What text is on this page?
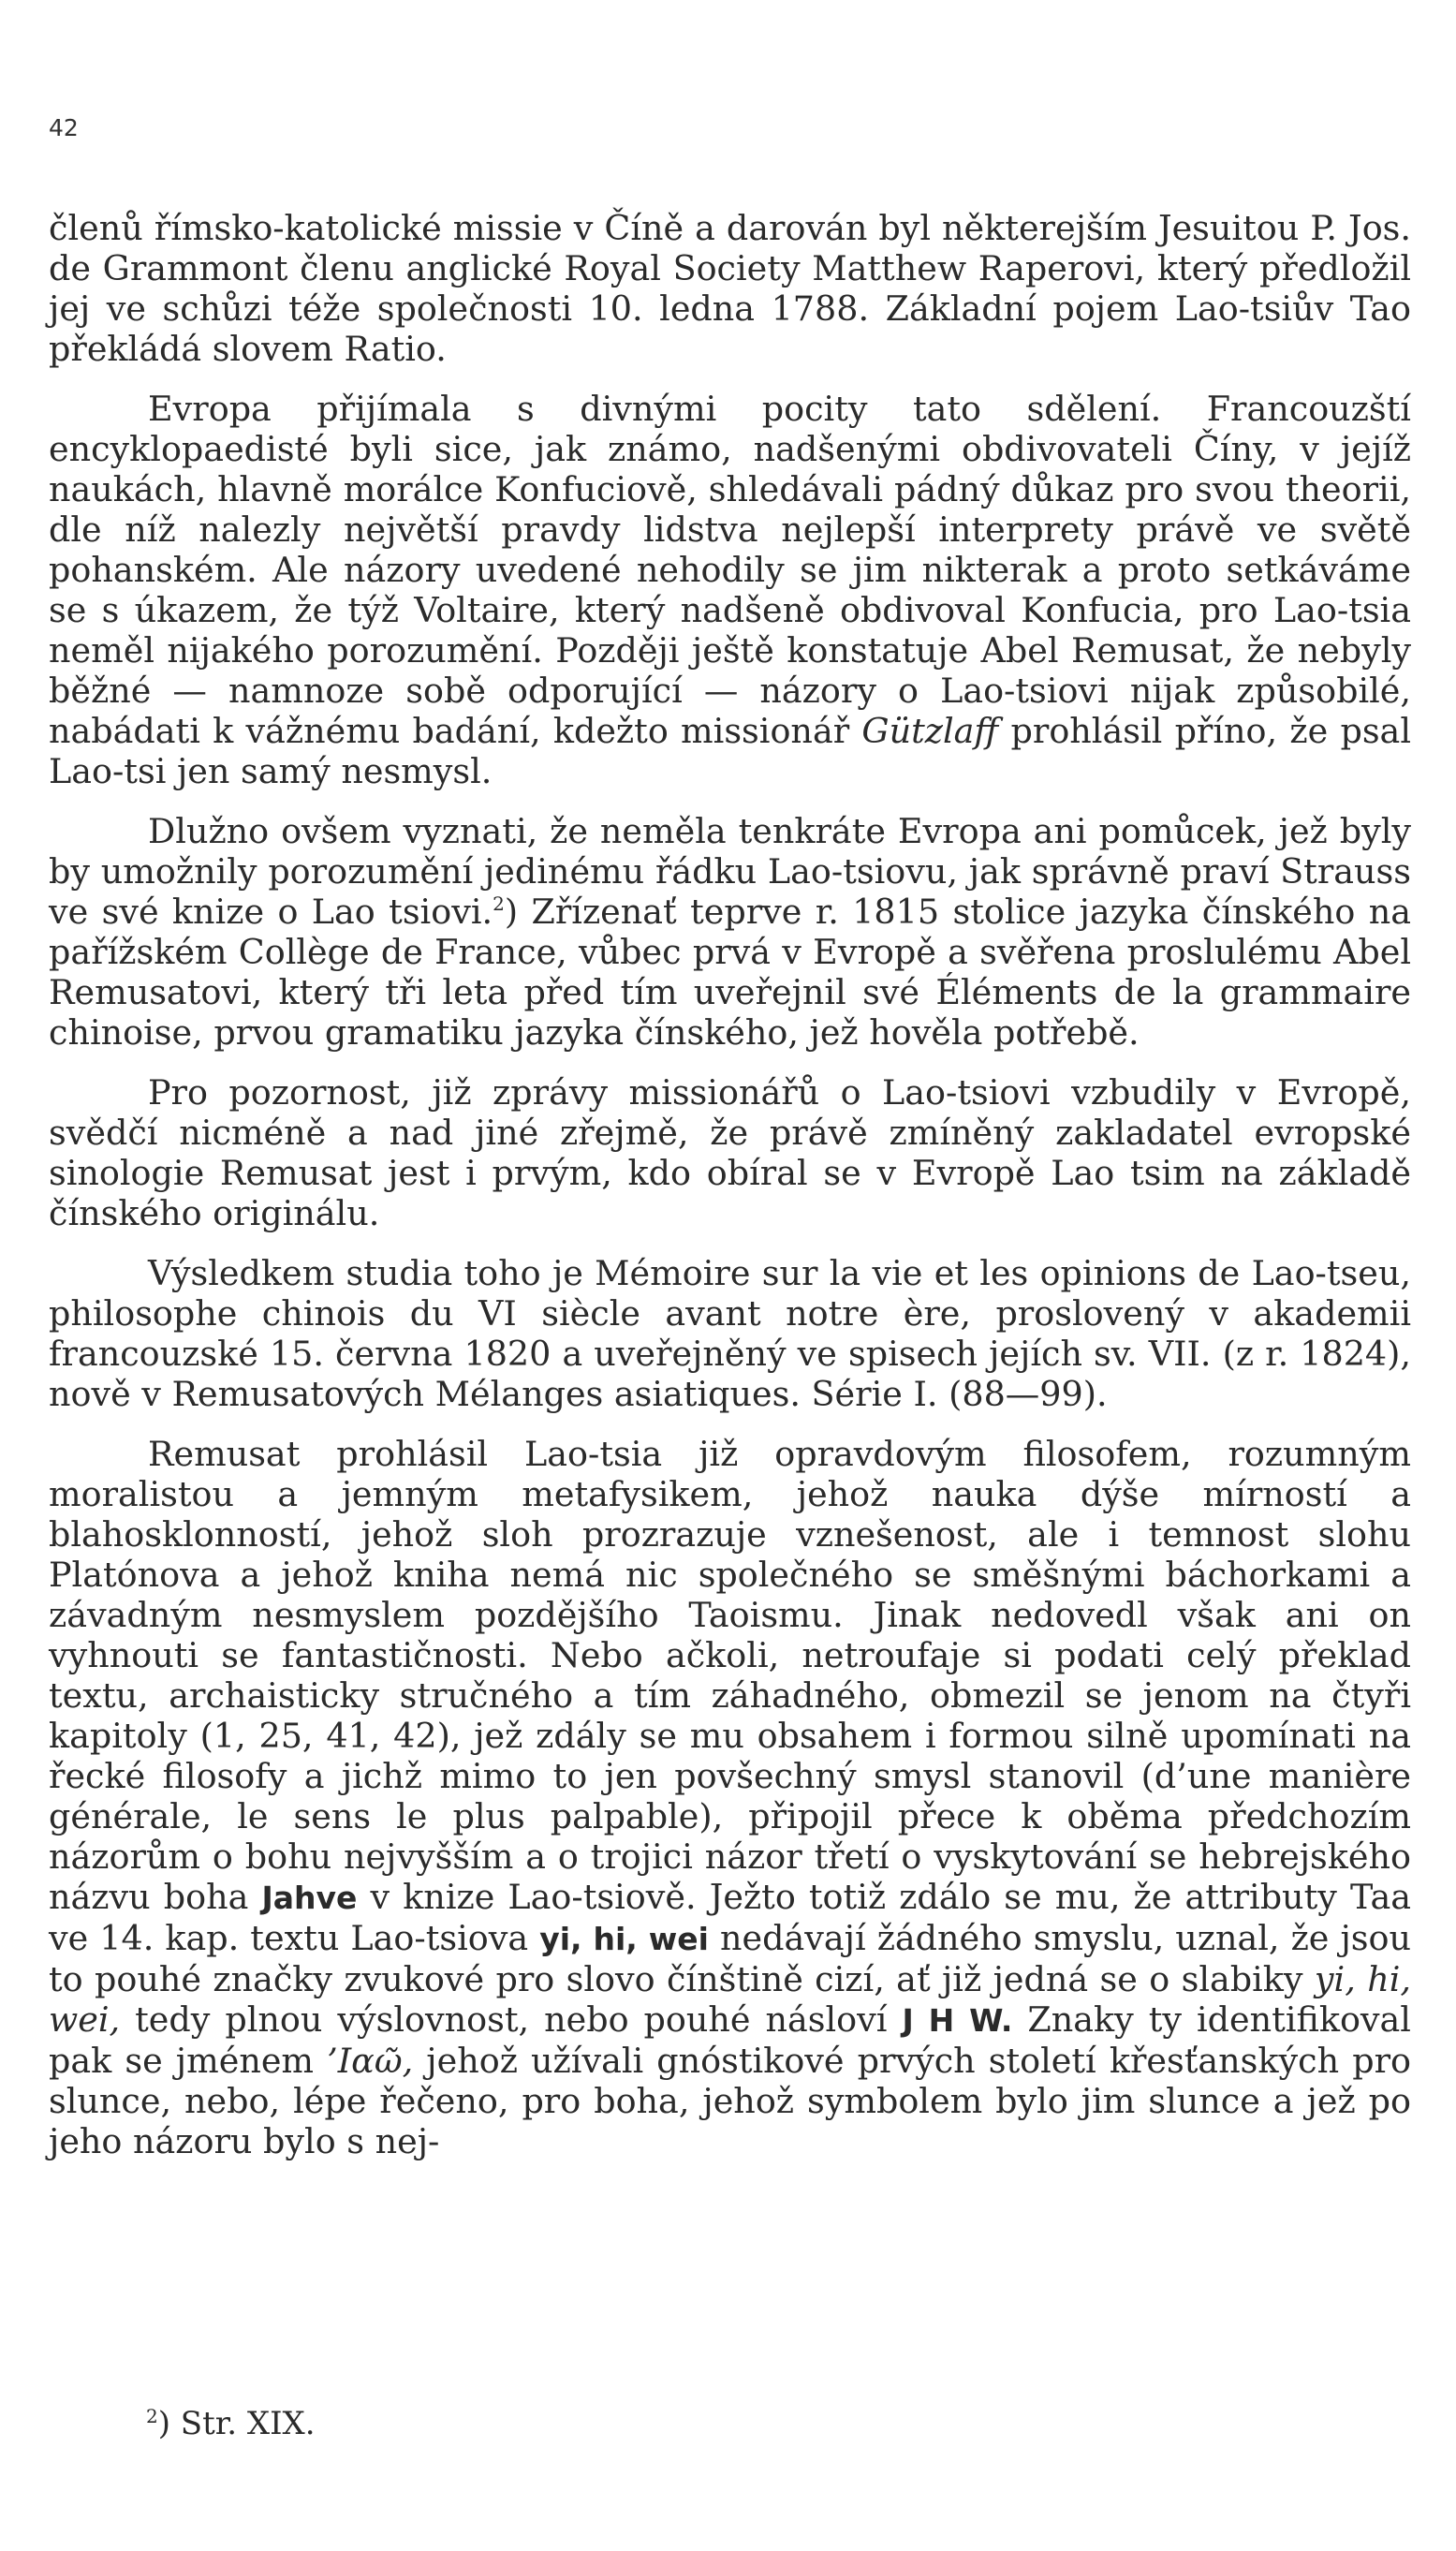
42

členů římsko-katolické missie v Číně a darován byl některejším Jesuitou P. Jos. de Grammont členu anglické Royal Society Matthew Raperovi, který předložil jej ve schůzi téže společnosti 10. ledna 1788. Základní pojem Lao-tsiův Tao překládá slovem Ratio.

Evropa přijímala s divnými pocity tato sdělení. Francouzští encyklopaedisté byli sice, jak známo, nadšenými obdivovateli Číny, v jejíž naukách, hlavně morálce Konfuciově, shledávali pádný důkaz pro svou theorii, dle níž nalezly největší pravdy lidstva nejlepší interprety právě ve světě pohanském. Ale názory uvedené nehodily se jim nikterak a proto setkáváme se s úkazem, že týž Voltaire, který nadšeně obdivoval Konfucia, pro Lao-tsia neměl nijakého porozumění. Později ještě konstatuje Abel Remusat, že nebyly běžné — namnoze sobě odporující — názory o Lao-tsiovi nijak způsobilé, nabádati k vážnému badání, kdežto missionář Gützlaff prohlásil příno, že psal Lao-tsi jen samý nesmysl.

Dlužno ovšem vyznati, že neměla tenkráte Evropa ani pomůcek, jež byly by umožnily porozumění jedinému řádku Lao-tsiovu, jak správně praví Strauss ve své knize o Lao tsiovi.$^2$) Zřízenať teprve r. 1815 stolice jazyka čínského na pařížském Collège de France, vůbec prvá v Evropě a svěřena proslulému Abel Remusatovi, který tři leta před tím uveřejnil své Éléments de la grammaire chinoise, prvou gramatiku jazyka čínského, jež hověla potřebě.

Pro pozornost, již zprávy missionářů o Lao-tsiovi vzbudily v Evropě, svědčí nicméně a nad jiné zřejmě, že právě zmíněný zakladatel evropské sinologie Remusat jest i prvým, kdo obíral se v Evropě Lao tsim na základě čínského originálu.

Výsledkem studia toho je Mémoire sur la vie et les opinions de Lao-tseu, philosophe chinois du VI siècle avant notre ère, proslovený v akademii francouzské 15. června 1820 a uveřejněný ve spisech jejích sv. VII. (z r. 1824), nově v Remusatových Mélanges asiatiques. Série I. (88—99).

Remusat prohlásil Lao-tsia již opravdovým filosofem, rozumným moralistou a jemným metafysikem, jehož nauka dýše mírností a blahosklonností, jehož sloh prozrazuje vznešenost, ale i temnost slohu Platónova a jehož kniha nemá nic společného se směšnými báchorkami a závadným nesmyslem pozdějšího Taoismu. Jinak nedovedl však ani on vyhnouti se fantastičnosti. Nebo ačkoli, netroufaje si podati celý překlad textu, archaisticky stručného a tím záhadného, obmezil se jenom na čtyři kapitoly (1, 25, 41, 42), jež zdály se mu obsahem i formou silně upomínati na řecké filosofy a jichž mimo to jen povšechný smysl stanovil (d’une manière générale, le sens le plus palpable), připojil přece k oběma předchozím názorům o bohu nejvyšším a o trojici názor třetí o vyskytování se hebrejského názvu boha Jahve v knize Lao-tsiově. Ježto totiž zdálo se mu, že attributy Taa ve 14. kap. textu Lao-tsiova yi, hi, wei nedávají žádného smyslu, uznal, že jsou to pouhé značky zvukové pro slovo čínštině cizí, ať již jedná se o slabiky yi, hi, wei, tedy plnou výslovnost, nebo pouhé násloví J H W. Znaky ty identifikoval pak se jménem ’Ιαῶ, jehož užívali gnóstikové prvých století křesťanských pro slunce, nebo, lépe řečeno, pro boha, jehož symbolem bylo jim slunce a jež po jeho názoru bylo s nej-

$^2$) Str. XIX.
